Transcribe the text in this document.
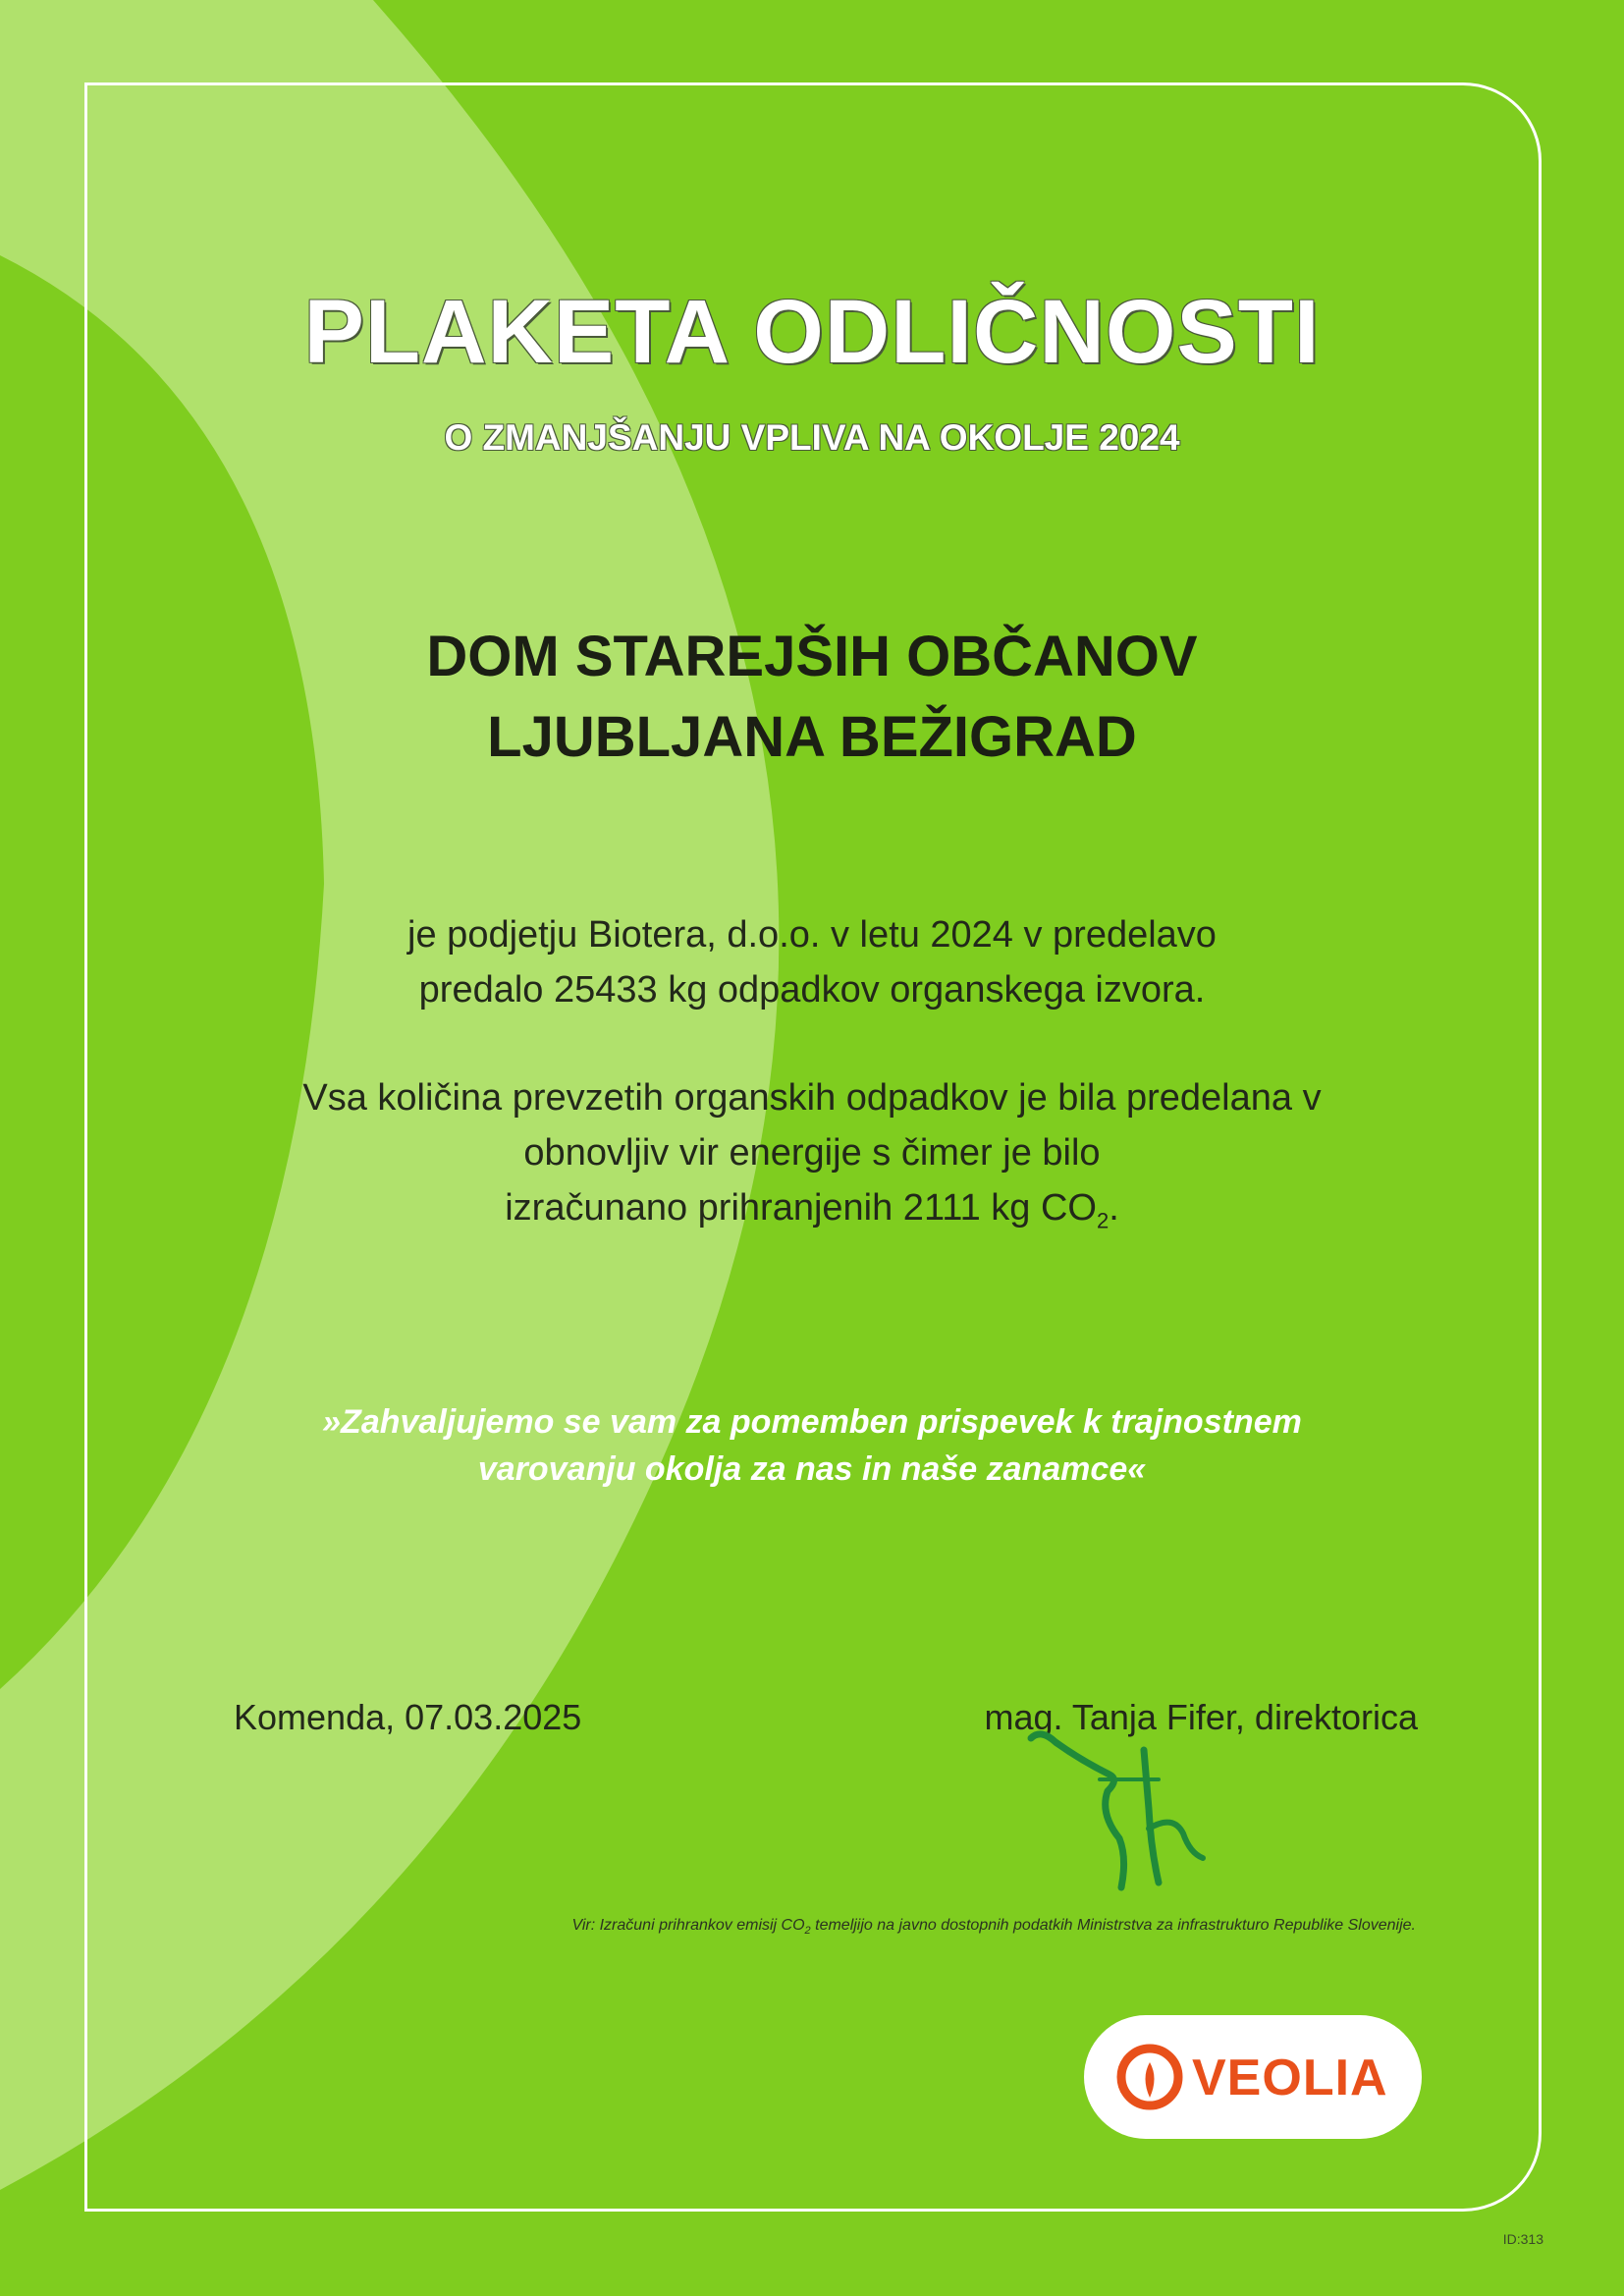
PLAKETA ODLIČNOSTI
O ZMANJŠANJU VPLIVA NA OKOLJE 2024
DOM STAREJŠIH OBČANOV
LJUBLJANA BEŽIGRAD

je podjetju Biotera, d.o.o. v letu 2024 v predelavo

predalo 25433 kg odpadkov organskega izvora.

Vsa količina prevzetih organskih odpadkov je bila predelana v

obnovljiv vir energije s čimer je bilo

izračunano prihranjenih 2111 kg $CO_2$.

»Zahvaljujemo se vam za pomemben prispevek k trajnostnem
varovanju okolja za nas in naše zanamce«
Komenda, 07.03.2025	mag. Tanja Fifer, direktorica
Vir: Izračuni prihrankov emisij $CO_2$ temeljijo na javno dostopnih podatkih Ministrstva za infrastrukturo Republike Slovenije.
VEOLIA
ID:313
